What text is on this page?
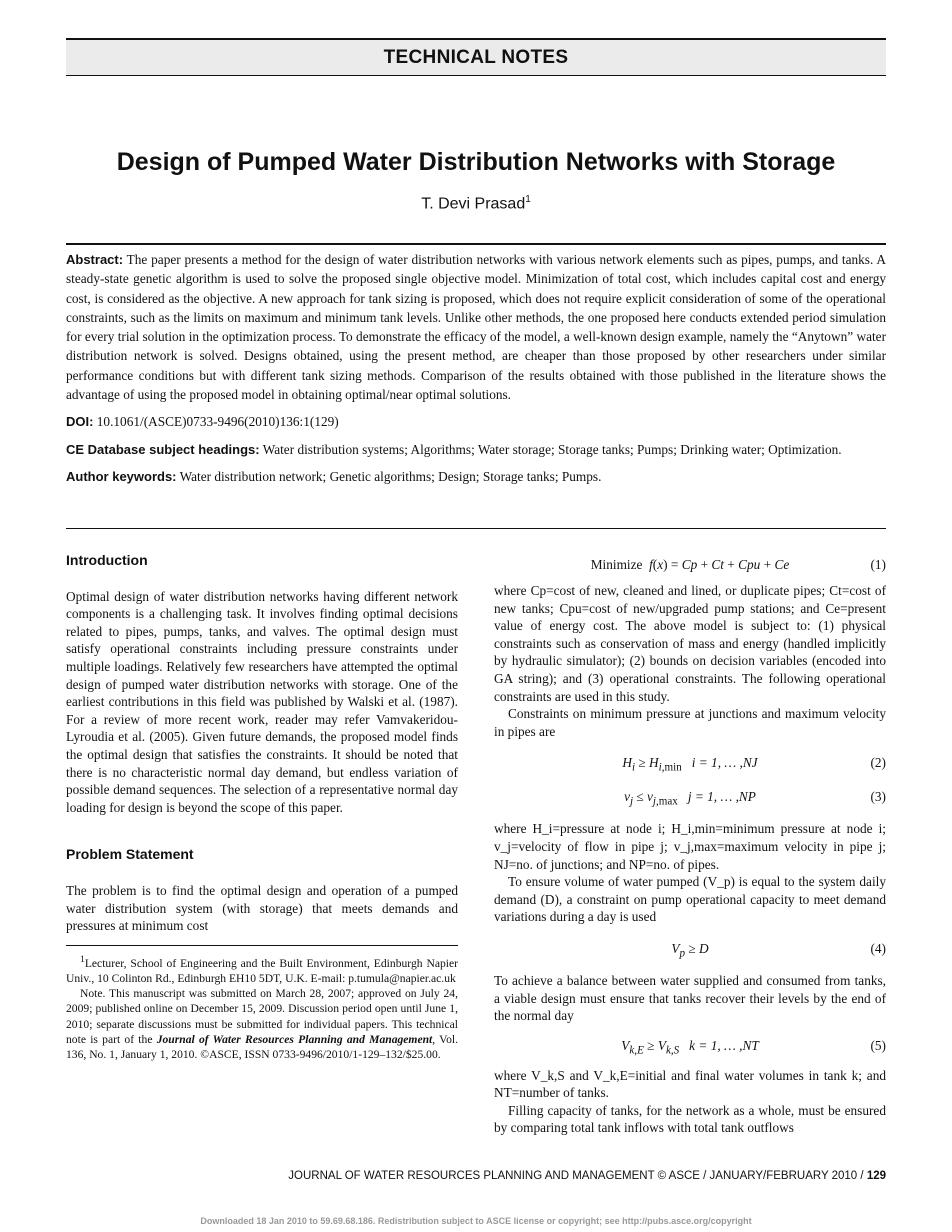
TECHNICAL NOTES
Design of Pumped Water Distribution Networks with Storage
T. Devi Prasad$^1$

Abstract: The paper presents a method for the design of water distribution networks with various network elements such as pipes, pumps, and tanks. A steady-state genetic algorithm is used to solve the proposed single objective model. Minimization of total cost, which includes capital cost and energy cost, is considered as the objective. A new approach for tank sizing is proposed, which does not require explicit consideration of some of the operational constraints, such as the limits on maximum and minimum tank levels. Unlike other methods, the one proposed here conducts extended period simulation for every trial solution in the optimization process. To demonstrate the efficacy of the model, a well-known design example, namely the “Anytown” water distribution network is solved. Designs obtained, using the present method, are cheaper than those proposed by other researchers under similar performance conditions but with different tank sizing methods. Comparison of the results obtained with those published in the literature shows the advantage of using the proposed model in obtaining optimal/near optimal solutions.

DOI: 10.1061/(ASCE)0733-9496(2010)136:1(129)

CE Database subject headings: Water distribution systems; Algorithms; Water storage; Storage tanks; Pumps; Drinking water; Optimization.

Author keywords: Water distribution network; Genetic algorithms; Design; Storage tanks; Pumps.

Introduction

Optimal design of water distribution networks having different network components is a challenging task. It involves finding optimal decisions related to pipes, pumps, tanks, and valves. The optimal design must satisfy operational constraints including pressure constraints under multiple loadings. Relatively few researchers have attempted the optimal design of pumped water distribution networks with storage. One of the earliest contributions in this field was published by Walski et al. (1987). For a review of more recent work, reader may refer Vamvakeridou-Lyroudia et al. (2005). Given future demands, the proposed model finds the optimal design that satisfies the constraints. It should be noted that there is no characteristic normal day demand, but endless variation of possible demand sequences. The selection of a representative normal day loading for design is beyond the scope of this paper.

Problem Statement

The problem is to find the optimal design and operation of a pumped water distribution system (with storage) that meets demands and pressures at minimum cost

$^1$Lecturer, School of Engineering and the Built Environment, Edinburgh Napier Univ., 10 Colinton Rd., Edinburgh EH10 5DT, U.K. E-mail: p.tumula@napier.ac.uk

Note. This manuscript was submitted on March 28, 2007; approved on July 24, 2009; published online on December 15, 2009. Discussion period open until June 1, 2010; separate discussions must be submitted for individual papers. This technical note is part of the Journal of Water Resources Planning and Management, Vol. 136, No. 1, January 1, 2010. ©ASCE, ISSN 0733-9496/2010/1-129–132/$25.00.

Minimize f(x) = Cp + Ct + Cpu + Ce	(1)

where Cp=cost of new, cleaned and lined, or duplicate pipes; Ct=cost of new tanks; Cpu=cost of new/upgraded pump stations; and Ce=present value of energy cost. The above model is subject to: (1) physical constraints such as conservation of mass and energy (handled implicitly by hydraulic simulator); (2) bounds on decision variables (encoded into GA string); and (3) operational constraints. The following operational constraints are used in this study.

Constraints on minimum pressure at junctions and maximum velocity in pipes are

$H_i \ge H_{i,min}$ i = 1, … ,NJ	(2)
$v_j \le v_{j,max}$ j = 1, … ,NP	(3)

where H_i=pressure at node i; H_i,min=minimum pressure at node i; v_j=velocity of flow in pipe j; v_j,max=maximum velocity in pipe j; NJ=no. of junctions; and NP=no. of pipes.

To ensure volume of water pumped (V_p) is equal to the system daily demand (D), a constraint on pump operational capacity to meet demand variations during a day is used

$V_p \ge D$	(4)

To achieve a balance between water supplied and consumed from tanks, a viable design must ensure that tanks recover their levels by the end of the normal day

$V_{k,E} \ge V_{k,S}$ k = 1, … ,NT	(5)

where V_k,S and V_k,E=initial and final water volumes in tank k; and NT=number of tanks.

Filling capacity of tanks, for the network as a whole, must be ensured by comparing total tank inflows with total tank outflows

JOURNAL OF WATER RESOURCES PLANNING AND MANAGEMENT © ASCE / JANUARY/FEBRUARY 2010 / 129
Downloaded 18 Jan 2010 to 59.69.68.186. Redistribution subject to ASCE license or copyright; see http://pubs.asce.org/copyright
